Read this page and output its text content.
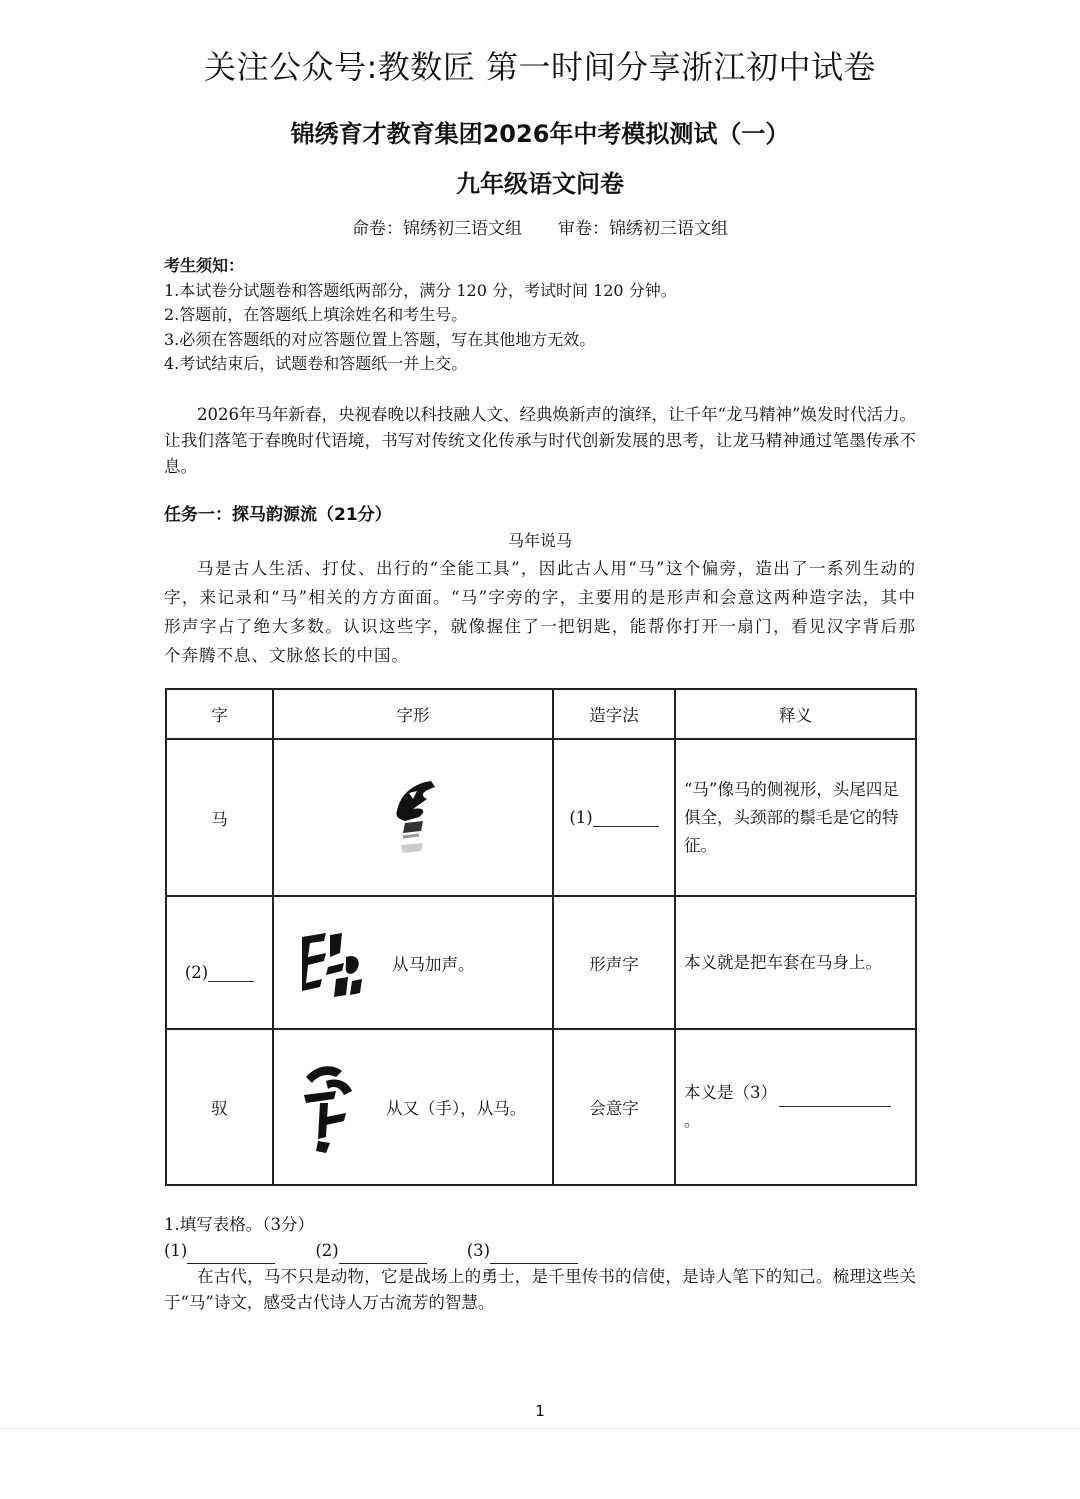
关注公众号:教数匠 第一时间分享浙江初中试卷
锦绣育才教育集团2026年中考模拟测试（一）
九年级语文问卷
命卷：锦绣初三语文组 审卷：锦绣初三语文组
考生须知：
1.本试卷分试题卷和答题纸两部分，满分 120 分，考试时间 120 分钟。
2.答题前，在答题纸上填涂姓名和考生号。
3.必须在答题纸的对应答题位置上答题，写在其他地方无效。
4.考试结束后，试题卷和答题纸一并上交。

2026年马年新春，央视春晚以科技融人文、经典焕新声的演绎，让千年“龙马精神”焕发时代活力。让我们落笔于春晚时代语境，书写对传统文化传承与时代创新发展的思考，让龙马精神通过笔墨传承不息。

任务一：探马韵源流（21分）
马年说马

马是古人生活、打仗、出行的“全能工具”，因此古人用“马”这个偏旁，造出了一系列生动的字，来记录和“马”相关的方方面面。“马”字旁的字，主要用的是形声和会意这两种造字法，其中形声字占了绝大多数。认识这些字，就像握住了一把钥匙，能帮你打开一扇门，看见汉字背后那个奔腾不息、文脉悠长的中国。

字	字形	造字法	释义
马		(1)	“马”像马的侧视形，头尾四足俱全，头颈部的鬃毛是它的特征。
(2)	从马加声。	形声字	本义就是把车套在马身上。
驭	从又（手），从马。	会意字	本义是（3）。
1.填写表格。（3分）
(1)	(2)	(3)

在古代，马不只是动物，它是战场上的勇士，是千里传书的信使，是诗人笔下的知己。梳理这些关于“马”诗文，感受古代诗人万古流芳的智慧。

1
